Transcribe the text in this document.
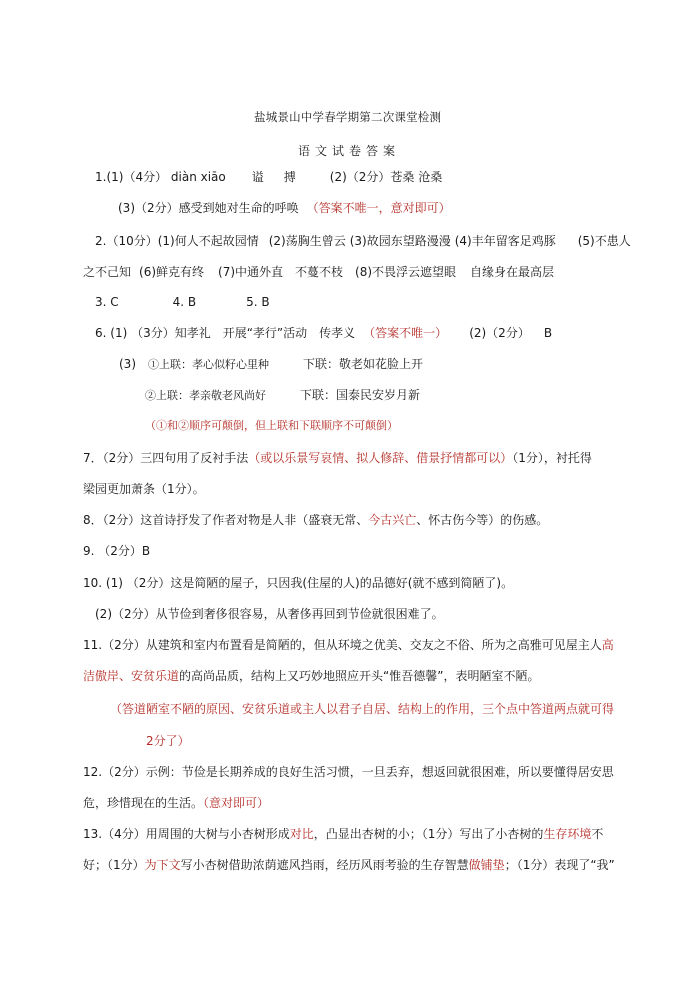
盐城景山中学春学期第二次课堂检测
语文试卷答案
1.(1)（4分） diàn xiāo 谥 搏	(2)（2分）苍桑 沧桑
(3)（2分）感受到她对生命的呼唤 （答案不唯一，意对即可）
2.（10分）(1)何人不起故园情 (2)荡胸生曾云 (3)故园东望路漫漫 (4)丰年留客足鸡豚 (5)不患人
之不己知 (6)鲜克有终 (7)中通外直 不蔓不枝 (8)不畏浮云遮望眼 自缘身在最高层
3. C	4. B	5. B
6. (1) （3分）知孝礼 开展“孝行”活动 传孝义 （答案不唯一） (2)（2分） B
(3) ①上联：孝心似籽心里种	下联：敬老如花脸上开
②上联：孝亲敬老风尚好	下联：国泰民安岁月新
（①和②顺序可颠倒，但上联和下联顺序不可颠倒）
7．（2分）三四句用了反衬手法（或以乐景写哀情、拟人修辞、借景抒情都可以）（1分），衬托得
梁园更加萧条（1分）。
8．（2分）这首诗抒发了作者对物是人非（盛衰无常、今古兴亡、怀古伤今等）的伤感。
9. （2分）B
10. (1) （2分）这是简陋的屋子，只因我(住屋的人)的品德好(就不感到简陋了)。
(2)（2分）从节俭到奢侈很容易，从奢侈再回到节俭就很困难了。
11.（2分）从建筑和室内布置看是简陋的，但从环境之优美、交友之不俗、所为之高雅可见屋主人高
洁傲岸、安贫乐道的高尚品质，结构上又巧妙地照应开头“惟吾德馨”，表明陋室不陋。
（答道陋室不陋的原因、安贫乐道或主人以君子自居、结构上的作用，三个点中答道两点就可得
2分了）
12.（2分）示例：节俭是长期养成的良好生活习惯，一旦丢弃，想返回就很困难，所以要懂得居安思
危，珍惜现在的生活。（意对即可）
13.（4分）用周围的大树与小杏树形成对比，凸显出杏树的小；（1分）写出了小杏树的生存环境不
好；（1分）为下文写小杏树借助浓荫遮风挡雨，经历风雨考验的生存智慧做铺垫；（1分）表现了“我”
